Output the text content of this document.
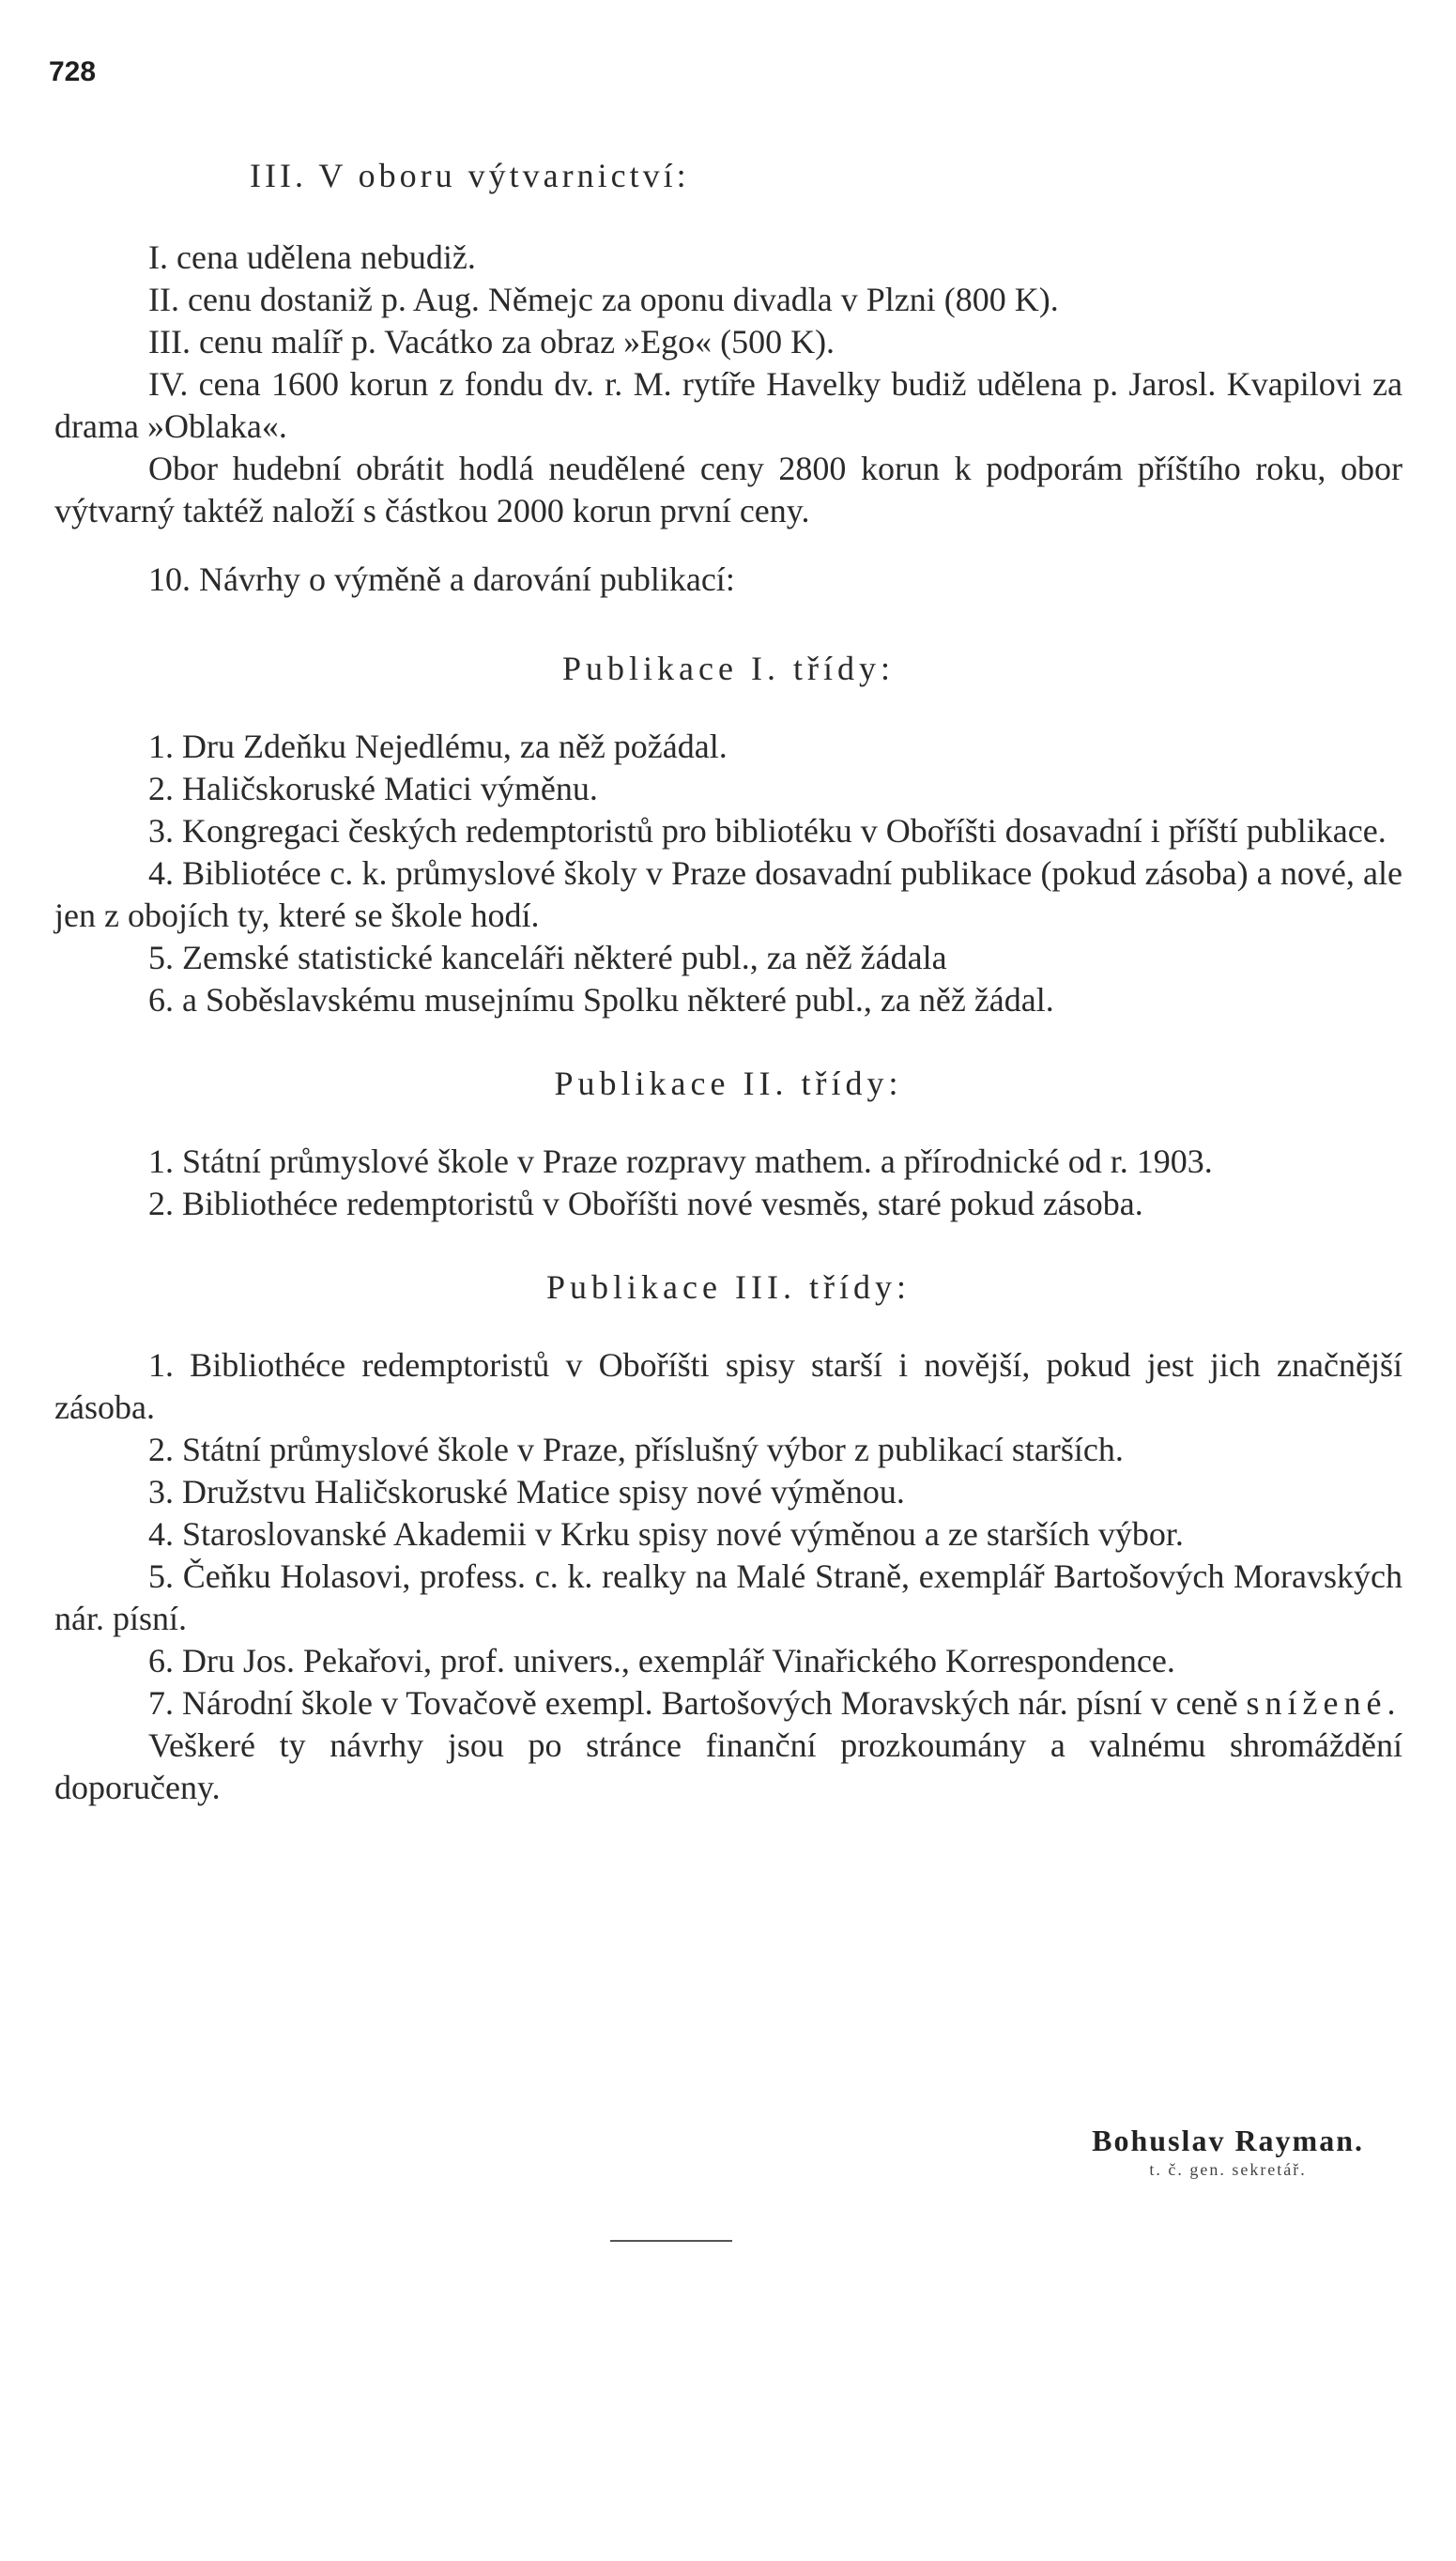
728

III. V oboru výtvarnictví:

I. cena udělena nebudiž.

II. cenu dostaniž p. Aug. Němejc za oponu divadla v Plzni (800 K).

III. cenu malíř p. Vacátko za obraz »Ego« (500 K).

IV. cena 1600 korun z fondu dv. r. M. rytíře Havelky budiž udělena p. Jarosl. Kvapilovi za drama »Oblaka«.

Obor hudební obrátit hodlá neudělené ceny 2800 korun k podporám příštího roku, obor výtvarný taktéž naloží s částkou 2000 korun první ceny.

10. Návrhy o výměně a darování publikací:

Publikace I. třídy:

1. Dru Zdeňku Nejedlému, za něž požádal.

2. Haličskoruské Matici výměnu.

3. Kongregaci českých redemptoristů pro bibliotéku v Oboříšti dosavadní i příští publikace.

4. Bibliotéce c. k. průmyslové školy v Praze dosavadní publikace (pokud zásoba) a nové, ale jen z obojích ty, které se škole hodí.

5. Zemské statistické kanceláři některé publ., za něž žádala

6. a Soběslavskému musejnímu Spolku některé publ., za něž žádal.

Publikace II. třídy:

1. Státní průmyslové škole v Praze rozpravy mathem. a přírodnické od r. 1903.

2. Bibliothéce redemptoristů v Oboříšti nové vesměs, staré pokud zásoba.

Publikace III. třídy:

1. Bibliothéce redemptoristů v Oboříšti spisy starší i novější, pokud jest jich značnější zásoba.

2. Státní průmyslové škole v Praze, příslušný výbor z publikací starších.

3. Družstvu Haličskoruské Matice spisy nové výměnou.

4. Staroslovanské Akademii v Krku spisy nové výměnou a ze starších výbor.

5. Čeňku Holasovi, profess. c. k. realky na Malé Straně, exemplář Bartošových Moravských nár. písní.

6. Dru Jos. Pekařovi, prof. univers., exemplář Vinařického Korrespondence.

7. Národní škole v Tovačově exempl. Bartošových Moravských nár. písní v ceně snížené.

Veškeré ty návrhy jsou po stránce finanční prozkoumány a valnému shromáždění doporučeny.

Bohuslav Rayman.
t. č. gen. sekretář.
